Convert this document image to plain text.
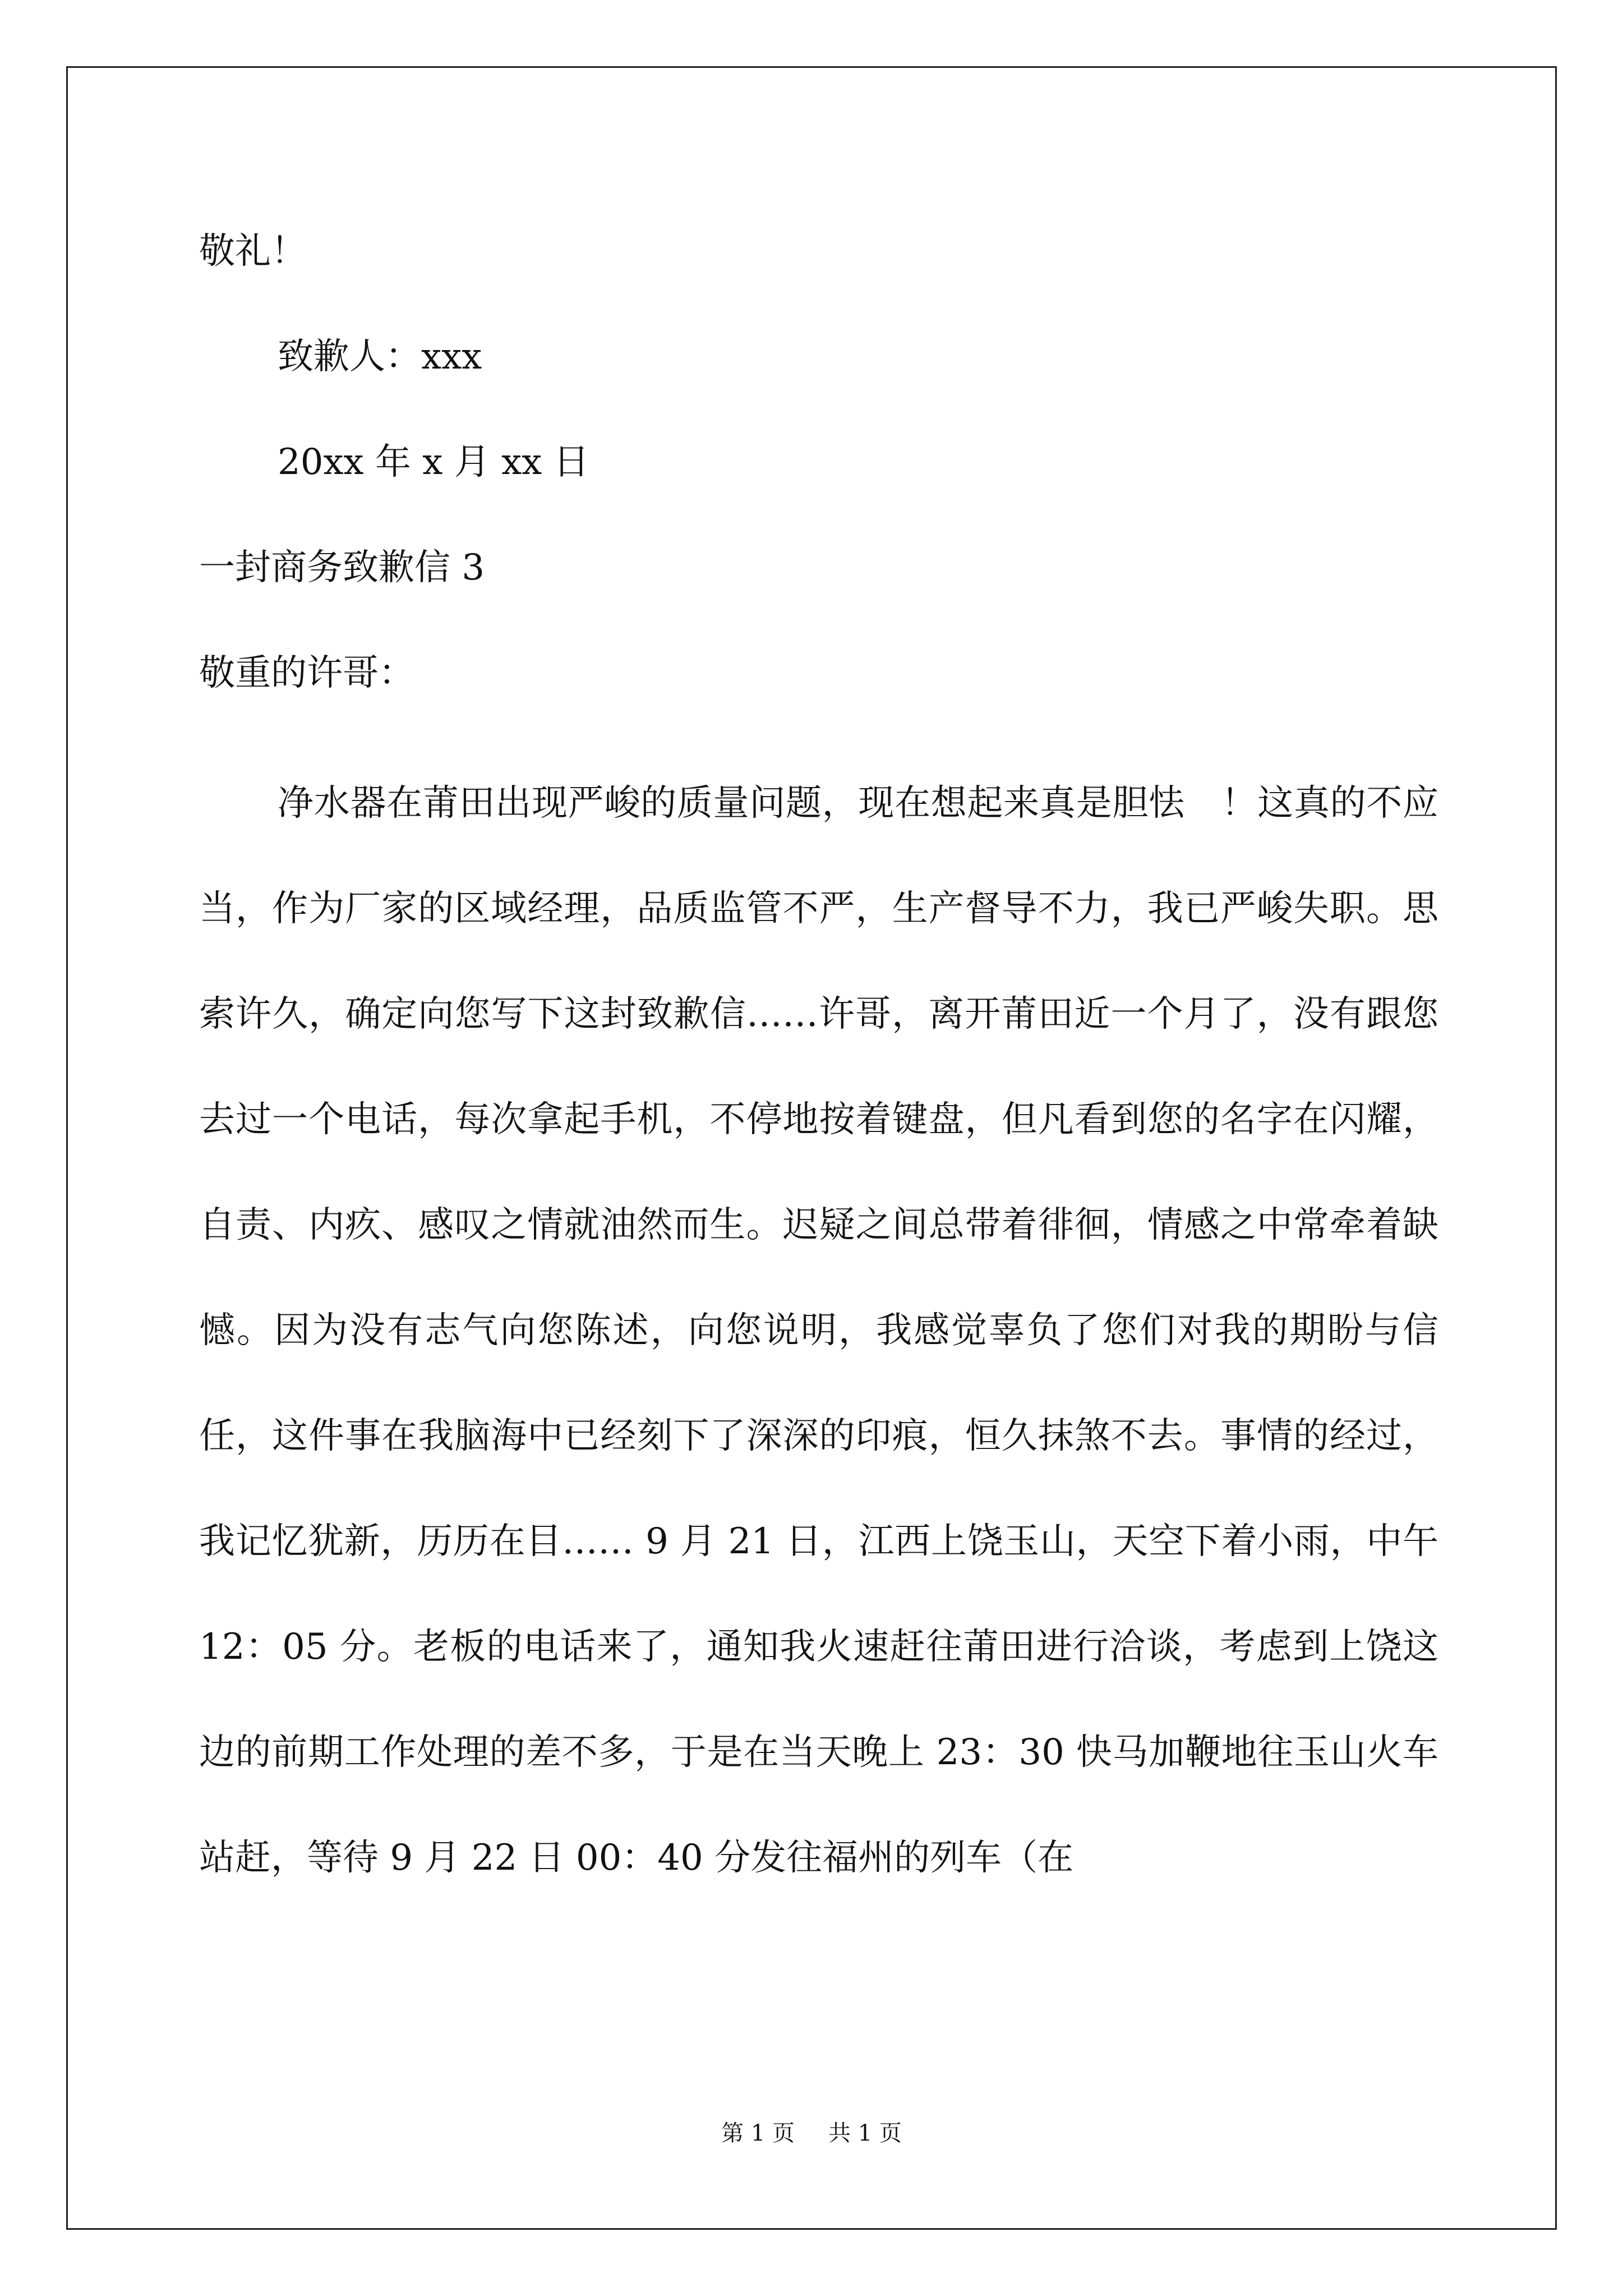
敬礼！
致歉人：xxx
20xx 年 x 月 xx 日
一封商务致歉信 3
敬重的许哥：
净水器在莆田出现严峻的质量问题，现在想起来真是胆怯　！这真的不应当，作为厂家的区域经理，品质监管不严，生产督导不力，我已严峻失职。思索许久，确定向您写下这封致歉信……许哥，离开莆田近一个月了，没有跟您去过一个电话，每次拿起手机，不停地按着键盘，但凡看到您的名字在闪耀，自责、内疚、感叹之情就油然而生。迟疑之间总带着徘徊，情感之中常牵着缺憾。因为没有志气向您陈述，向您说明，我感觉辜负了您们对我的期盼与信任，这件事在我脑海中已经刻下了深深的印痕，恒久抹煞不去。事情的经过，我记忆犹新，历历在目…… 9 月 21 日，江西上饶玉山，天空下着小雨，中午 12：05 分。老板的电话来了，通知我火速赶往莆田进行洽谈，考虑到上饶这边的前期工作处理的差不多，于是在当天晚上 23：30 快马加鞭地往玉山火车站赶，等待 9 月 22 日 00：40 分发往福州的列车（在
第 1 页 共 1 页
